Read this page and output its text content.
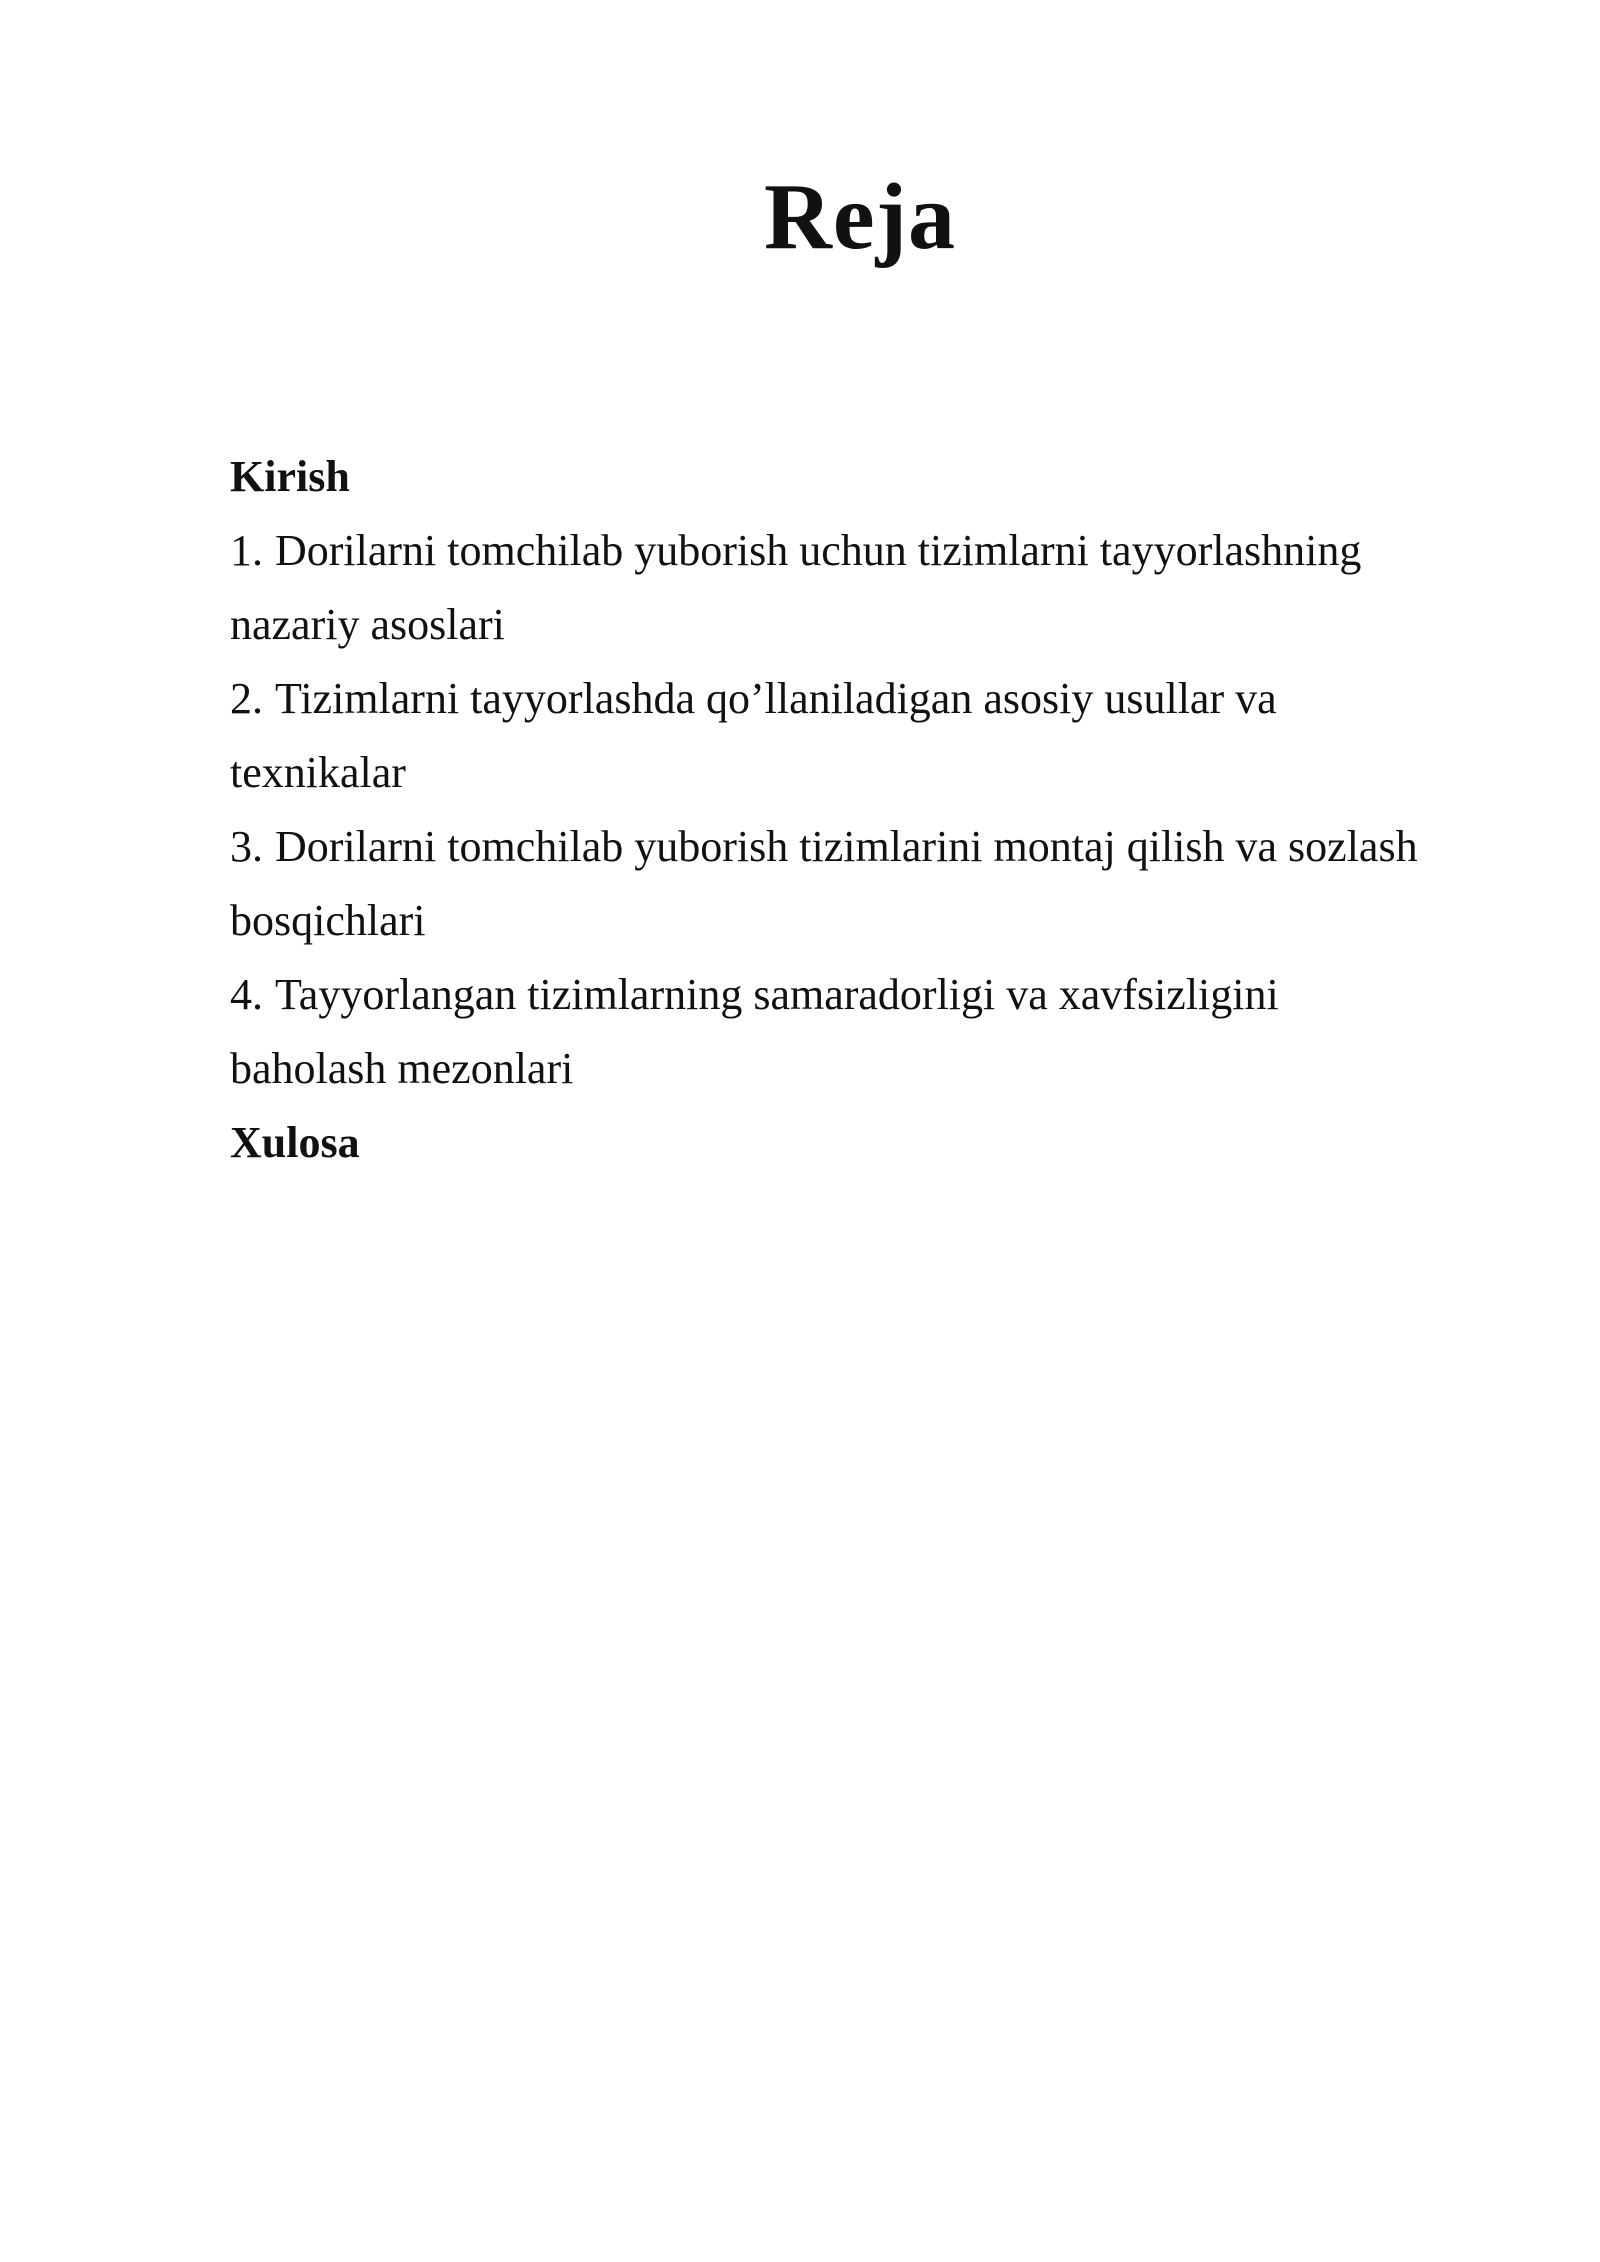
Reja
Kirish
1. Dorilarni tomchilab yuborish uchun tizimlarni tayyorlashning
nazariy asoslari
2. Tizimlarni tayyorlashda qo’llaniladigan asosiy usullar va
texnikalar
3. Dorilarni tomchilab yuborish tizimlarini montaj qilish va sozlash
bosqichlari
4. Tayyorlangan tizimlarning samaradorligi va xavfsizligini
baholash mezonlari
Xulosa
